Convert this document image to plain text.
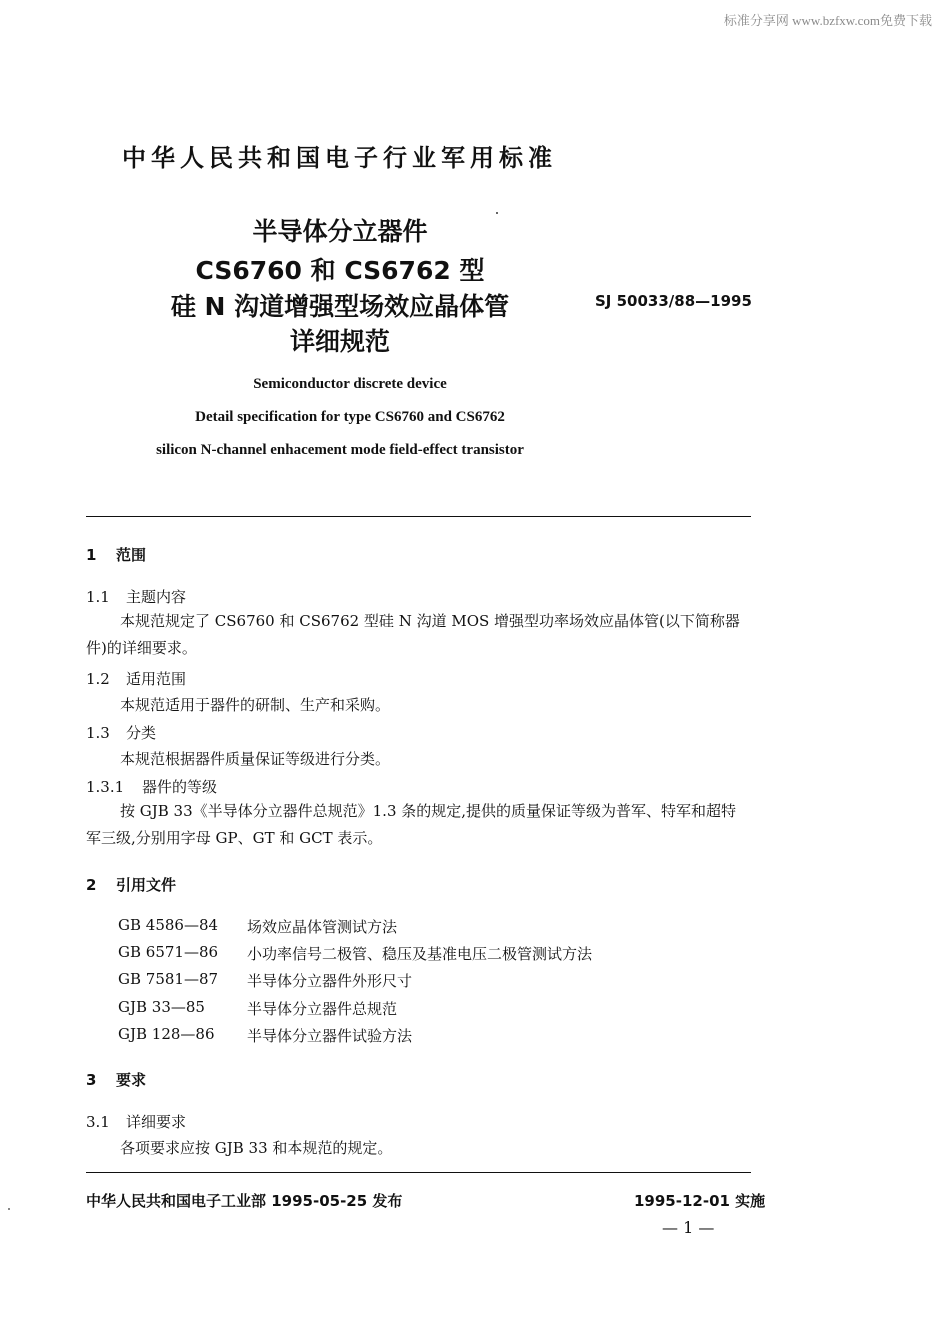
标准分享网 www.bzfxw.com免费下载
中华人民共和国电子行业军用标准
半导体分立器件
CS6760 和 CS6762 型
硅 N 沟道增强型场效应晶体管
详细规范
SJ 50033/88—1995
Semiconductor discrete device
Detail specification for type CS6760 and CS6762
silicon N-channel enhacement mode field-effect transistor
1 范围
1.1 主题内容
本规范规定了 CS6760 和 CS6762 型硅 N 沟道 MOS 增强型功率场效应晶体管(以下简称器件)的详细要求。
1.2 适用范围
本规范适用于器件的研制、生产和采购。
1.3 分类
本规范根据器件质量保证等级进行分类。
1.3.1 器件的等级
按 GJB 33《半导体分立器件总规范》1.3 条的规定,提供的质量保证等级为普军、特军和超特军三级,分别用字母 GP、GT 和 GCT 表示。
2 引用文件
GB 4586—84 场效应晶体管测试方法
GB 6571—86 小功率信号二极管、稳压及基准电压二极管测试方法
GB 7581—87 半导体分立器件外形尺寸
GJB 33—85	半导体分立器件总规范
GJB 128—86 半导体分立器件试验方法
3 要求
3.1 详细要求
各项要求应按 GJB 33 和本规范的规定。
中华人民共和国电子工业部 1995-05-25 发布	1995-12-01 实施
— 1 —
